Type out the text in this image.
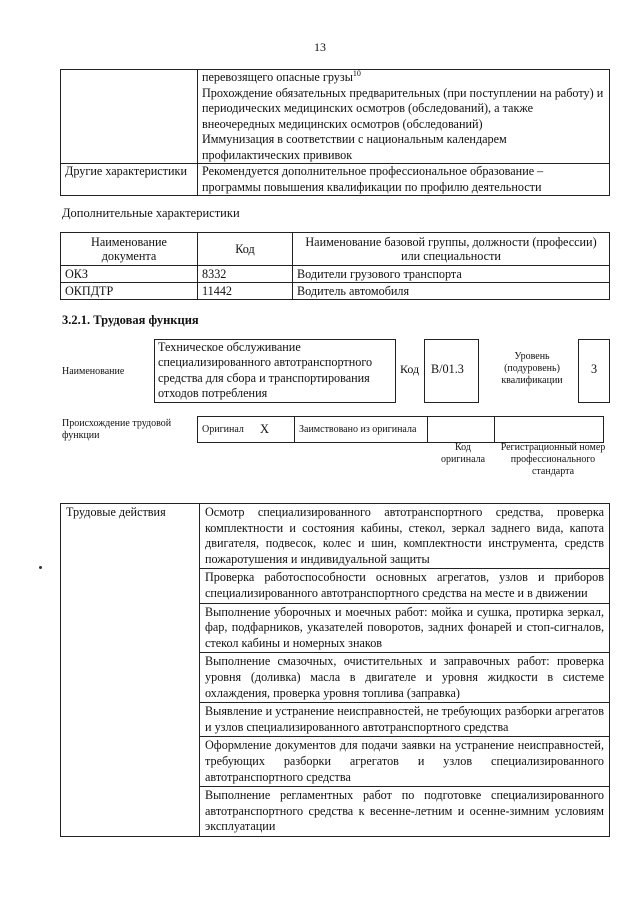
13

	перевозящего опасные грузы$^{10}$
Прохождение обязательных предварительных (при поступлении на работу) и периодических медицинских осмотров (обследований), а также внеочередных медицинских осмотров (обследований)
Иммунизация в соответствии с национальным календарем профилактических прививок

Другие характеристики	Рекомендуется дополнительное профессиональное образование – программы повышения квалификации по профилю деятельности
Дополнительные характеристики
Наименование документа	Код	Наименование базовой группы, должности (профессии) или специальности
ОКЗ	8332	Водители грузового транспорта
ОКПДТР	11442	Водитель автомобиля
3.2.1. Трудовая функция
Наименование
Техническое обслуживание специализированного автотранспортного средства для сбора и транспортирования отходов потребления
Код B/01.3
Уровень (подуровень) квалификации
3
Происхождение трудовой функции
Оригинал	X	Заимствовано из оригинала		
Код оригинала
Регистрационный номер профессионального стандарта
Трудовые действия	Осмотр специализированного автотранспортного средства, проверка комплектности и состояния кабины, стекол, зеркал заднего вида, капота двигателя, подвесок, колес и шин, комплектности инструмента, средств пожаротушения и индивидуальной защиты
Проверка работоспособности основных агрегатов, узлов и приборов специализированного автотранспортного средства на месте и в движении
Выполнение уборочных и моечных работ: мойка и сушка, протирка зеркал, фар, подфарников, указателей поворотов, задних фонарей и стоп-сигналов, стекол кабины и номерных знаков
Выполнение смазочных, очистительных и заправочных работ: проверка уровня (доливка) масла в двигателе и уровня жидкости в системе охлаждения, проверка уровня топлива (заправка)
Выявление и устранение неисправностей, не требующих разборки агрегатов и узлов специализированного автотранспортного средства
Оформление документов для подачи заявки на устранение неисправностей, требующих разборки агрегатов и узлов специализированного автотранспортного средства
Выполнение регламентных работ по подготовке специализированного автотранспортного средства к весенне-летним и осенне-зимним условиям эксплуатации
